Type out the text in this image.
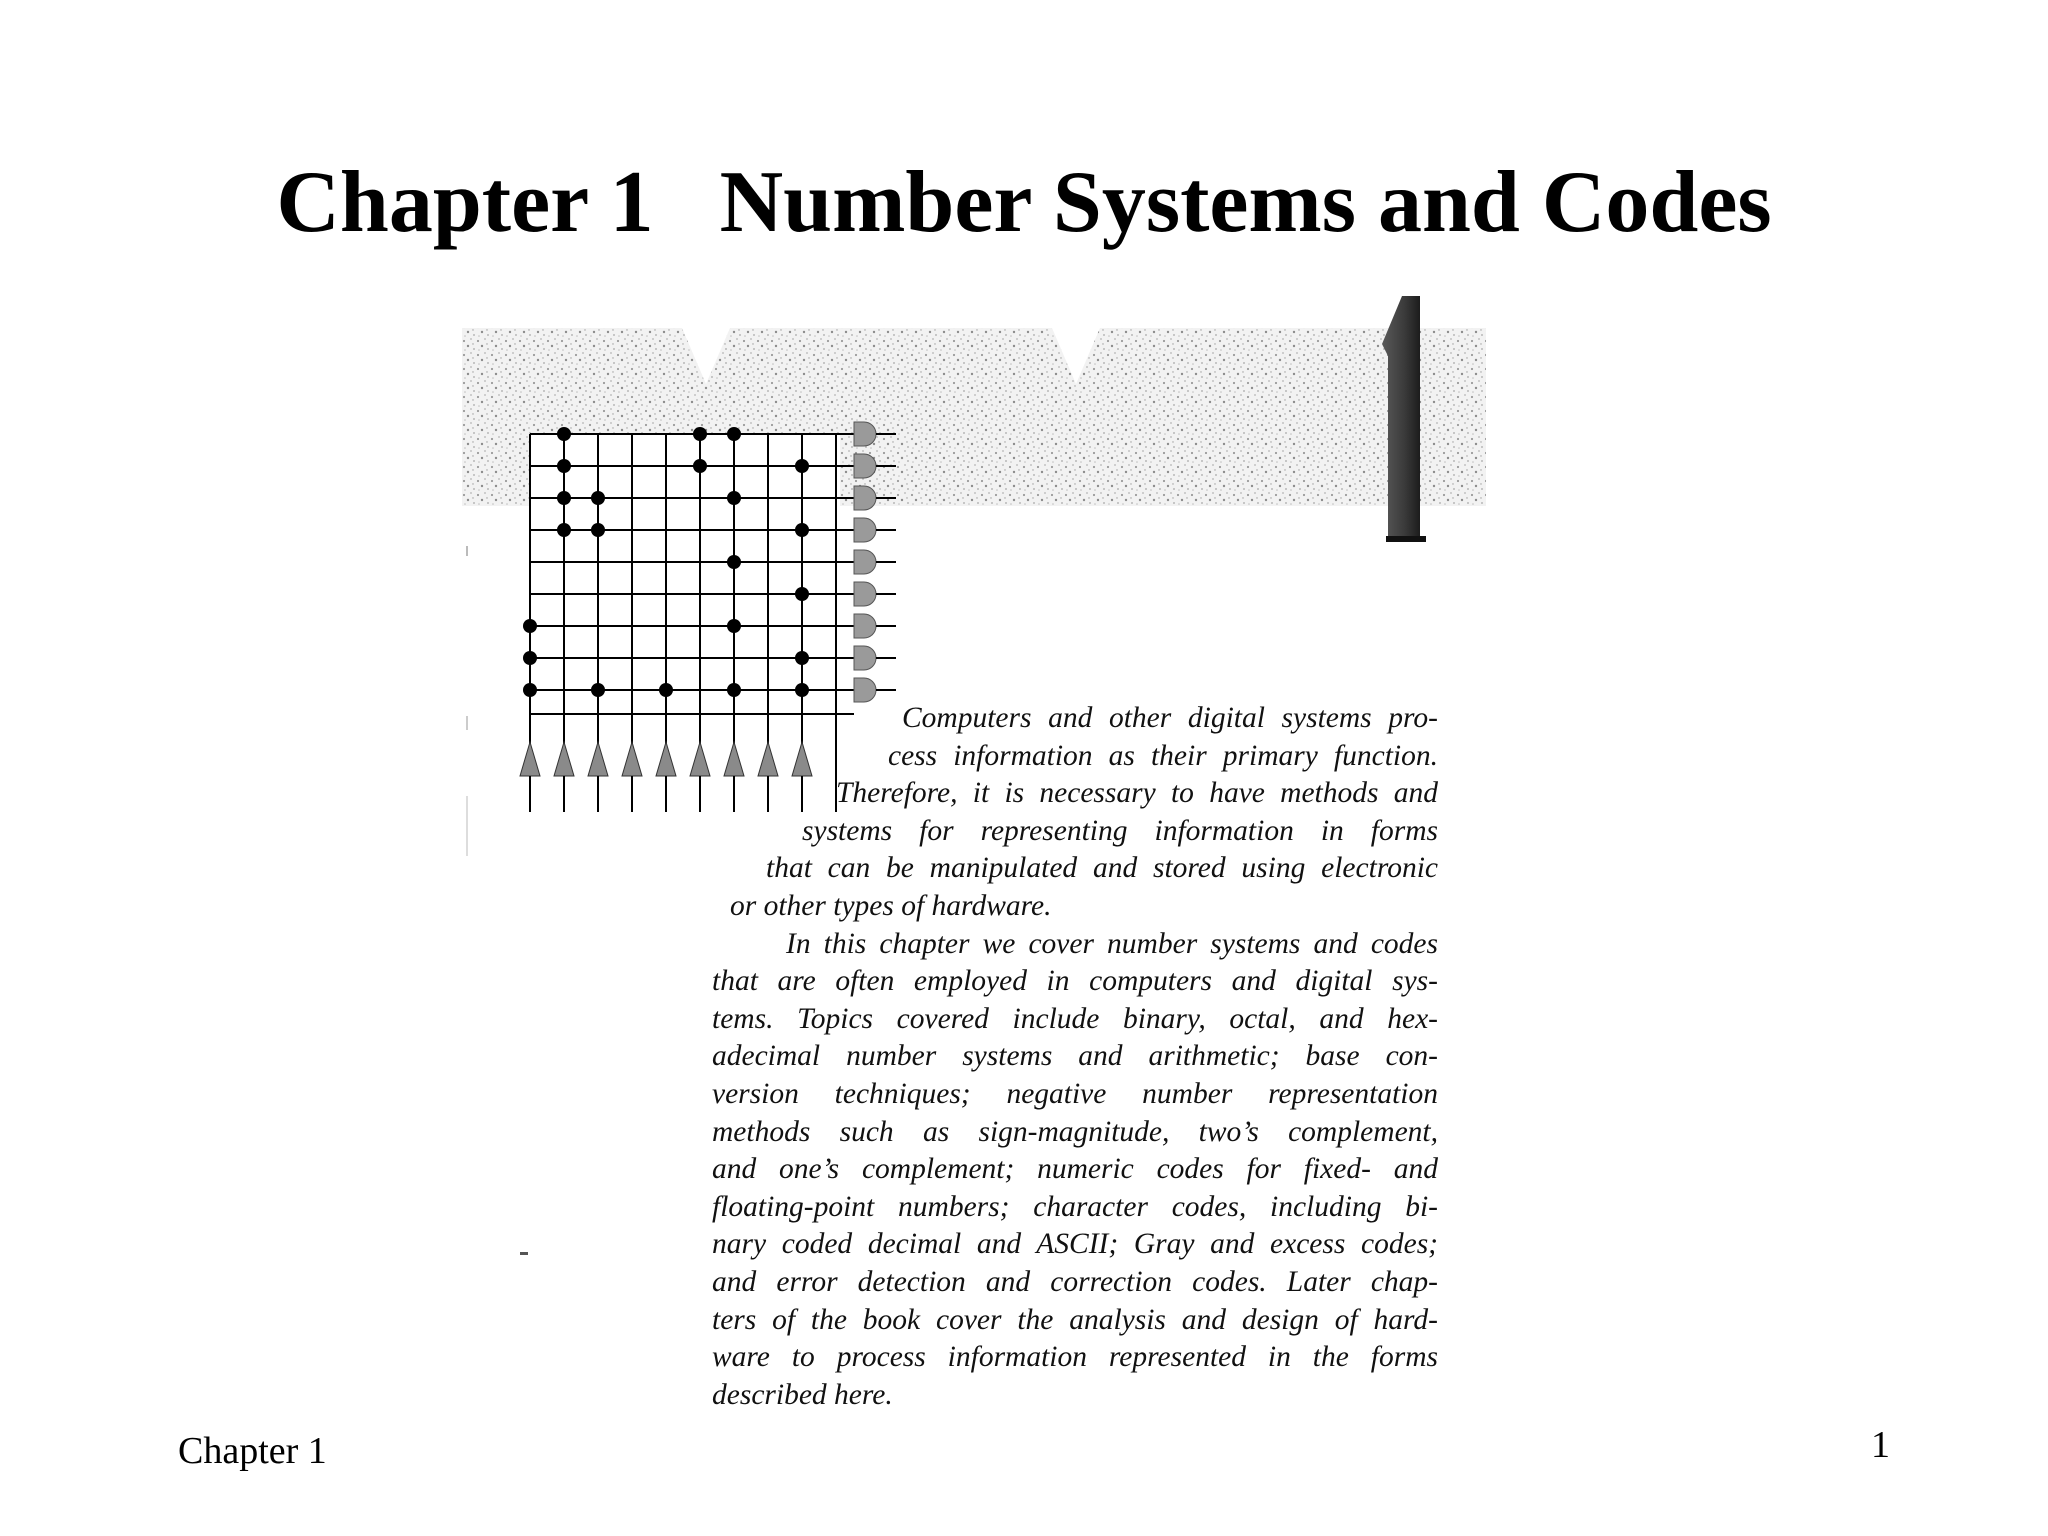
Chapter 1   Number Systems and Codes
1
Computers and other digital systems pro-
cess information as their primary function.
Therefore, it is necessary to have methods and
systems for representing information in forms
that can be manipulated and stored using electronic
or other types of hardware.
In this chapter we cover number systems and codes
that are often employed in computers and digital sys-
tems. Topics covered include binary, octal, and hex-
adecimal number systems and arithmetic; base con-
version techniques; negative number representation
methods such as sign-magnitude, two’s complement,
and one’s complement; numeric codes for fixed- and
floating-point numbers; character codes, including bi-
nary coded decimal and ASCII; Gray and excess codes;
and error detection and correction codes. Later chap-
ters of the book cover the analysis and design of hard-
ware to process information represented in the forms
described here.
Chapter 1	1
